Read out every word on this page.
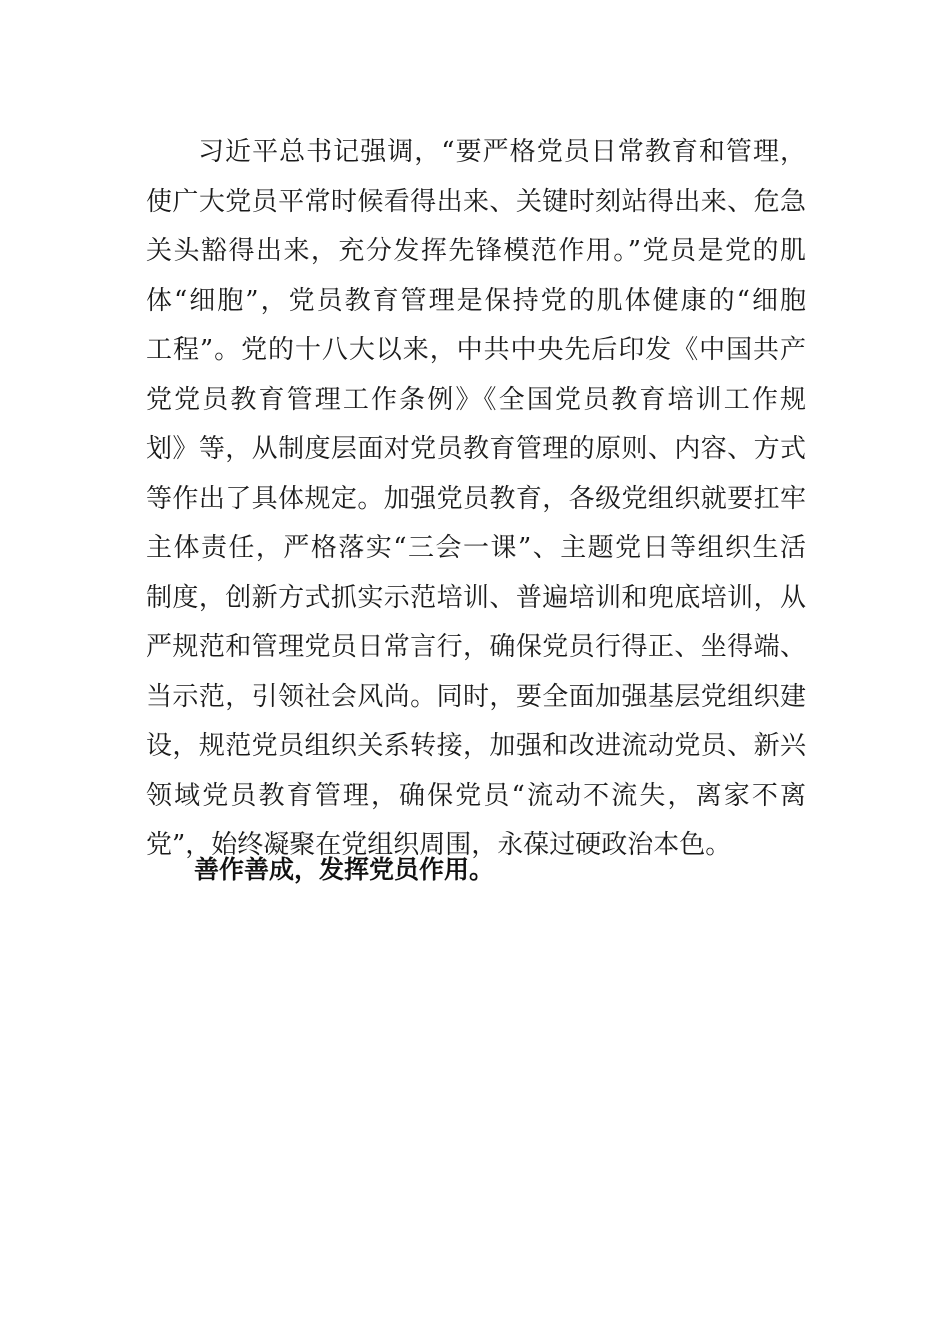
习近平总书记强调，“要严格党员日常教育和管理，
使广大党员平常时候看得出来、关键时刻站得出来、危急
关头豁得出来，充分发挥先锋模范作用。”党员是党的肌
体“细胞”，党员教育管理是保持党的肌体健康的“细胞
工程”。党的十八大以来，中共中央先后印发《中国共产
党党员教育管理工作条例》《全国党员教育培训工作规
划》等，从制度层面对党员教育管理的原则、内容、方式
等作出了具体规定。加强党员教育，各级党组织就要扛牢
主体责任，严格落实“三会一课”、主题党日等组织生活
制度，创新方式抓实示范培训、普遍培训和兜底培训，从
严规范和管理党员日常言行，确保党员行得正、坐得端、
当示范，引领社会风尚。同时，要全面加强基层党组织建
设，规范党员组织关系转接，加强和改进流动党员、新兴
领域党员教育管理，确保党员“流动不流失，离家不离
党”，始终凝聚在党组织周围，永葆过硬政治本色。
善作善成，发挥党员作用。
